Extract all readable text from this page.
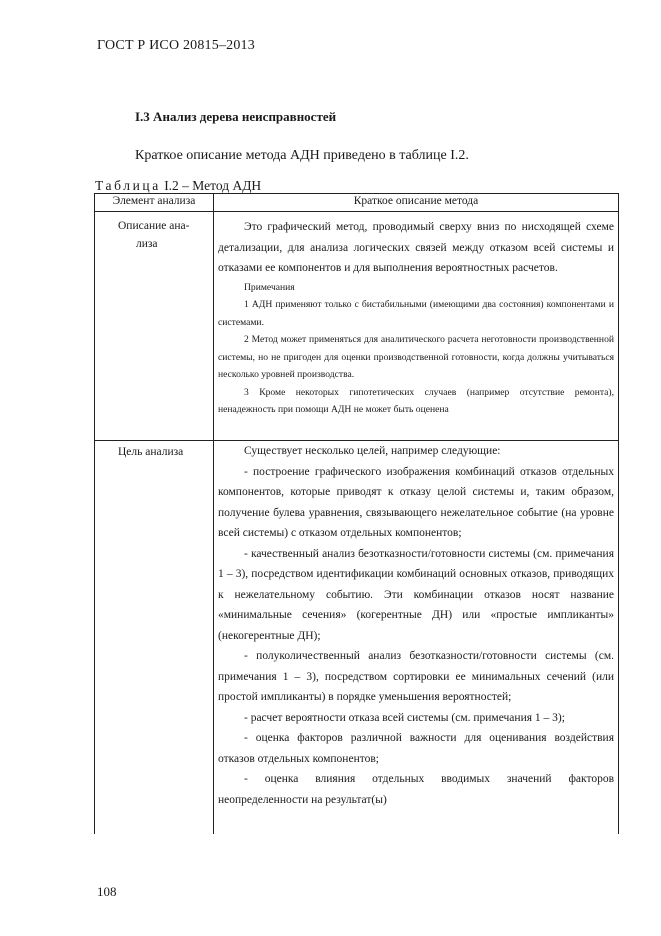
ГОСТ Р ИСО 20815–2013
I.3 Анализ дерева неисправностей
Краткое описание метода АДН приведено в таблице I.2.
Таблица I.2 – Метод АДН
Элемент анализа	Краткое описание метода
Описание ана-
лиза

Это графический метод, проводимый сверху вниз по нисходящей схеме детализации, для анализа логических связей между отказом всей системы и отказами ее компонентов и для выполнения вероятностных расчетов.

Примечания

1 АДН применяют только с бистабильными (имеющими два состояния) компонентами и системами.

2 Метод может применяться для аналитического расчета неготовности производственной системы, но не пригоден для оценки производственной готовности, когда должны учитываться несколько уровней производства.

3 Кроме некоторых гипотетических случаев (например отсутствие ремонта), ненадежность при помощи АДН не может быть оценена

Цель анализа	Существует несколько целей, например следующие:

- построение графического изображения комбинаций отказов отдельных компонентов, которые приводят к отказу целой системы и, таким образом, получение булева уравнения, связывающего нежелательное событие (на уровне всей системы) с отказом отдельных компонентов;

- качественный анализ безотказности/готовности системы (см. примечания 1 – 3), посредством идентификации комбинаций основных отказов, приводящих к нежелательному событию. Эти комбинации отказов носят название «минимальные сечения» (когерентные ДН) или «простые импликанты» (некогерентные ДН);

- полуколичественный анализ безотказности/готовности системы (см. примечания 1 – 3), посредством сортировки ее минимальных сечений (или простой импликанты) в порядке уменьшения вероятностей;

- расчет вероятности отказа всей системы (см. примечания 1 – 3);

- оценка факторов различной важности для оценивания воздействия отказов отдельных компонентов;

- оценка влияния отдельных вводимых значений факторов неопределенности на результат(ы)

108
